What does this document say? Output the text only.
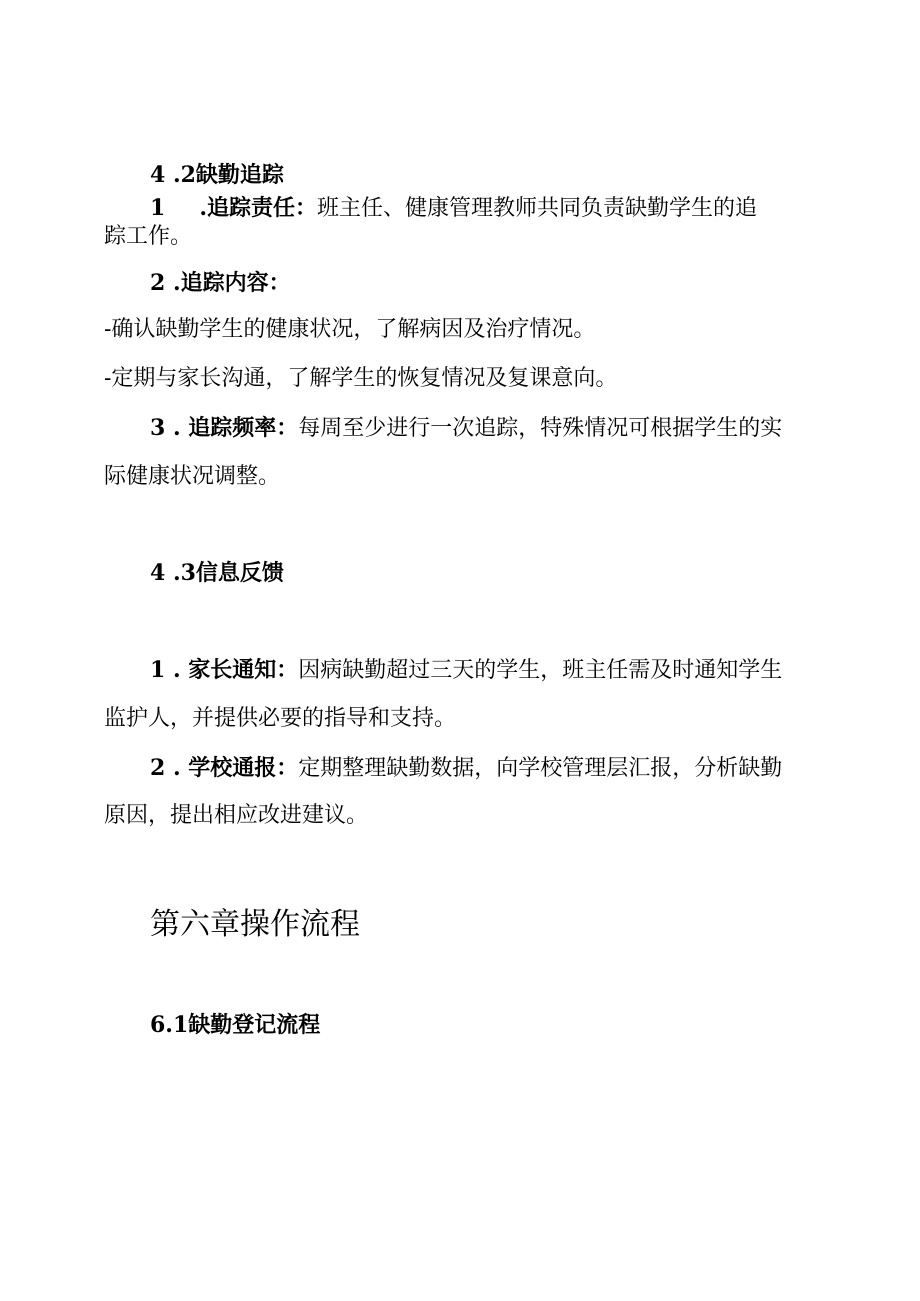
4 .2缺勤追踪
1 .追踪责任：班主任、健康管理教师共同负责缺勤学生的追
踪工作。
2 .追踪内容：
-确认缺勤学生的健康状况，了解病因及治疗情况。
-定期与家长沟通，了解学生的恢复情况及复课意向。
3 . 追踪频率：每周至少进行一次追踪，特殊情况可根据学生的实
际健康状况调整。
4 .3信息反馈
1 . 家长通知：因病缺勤超过三天的学生，班主任需及时通知学生
监护人，并提供必要的指导和支持。
2 . 学校通报：定期整理缺勤数据，向学校管理层汇报，分析缺勤
原因，提出相应改进建议。
第六章操作流程
6.1缺勤登记流程
